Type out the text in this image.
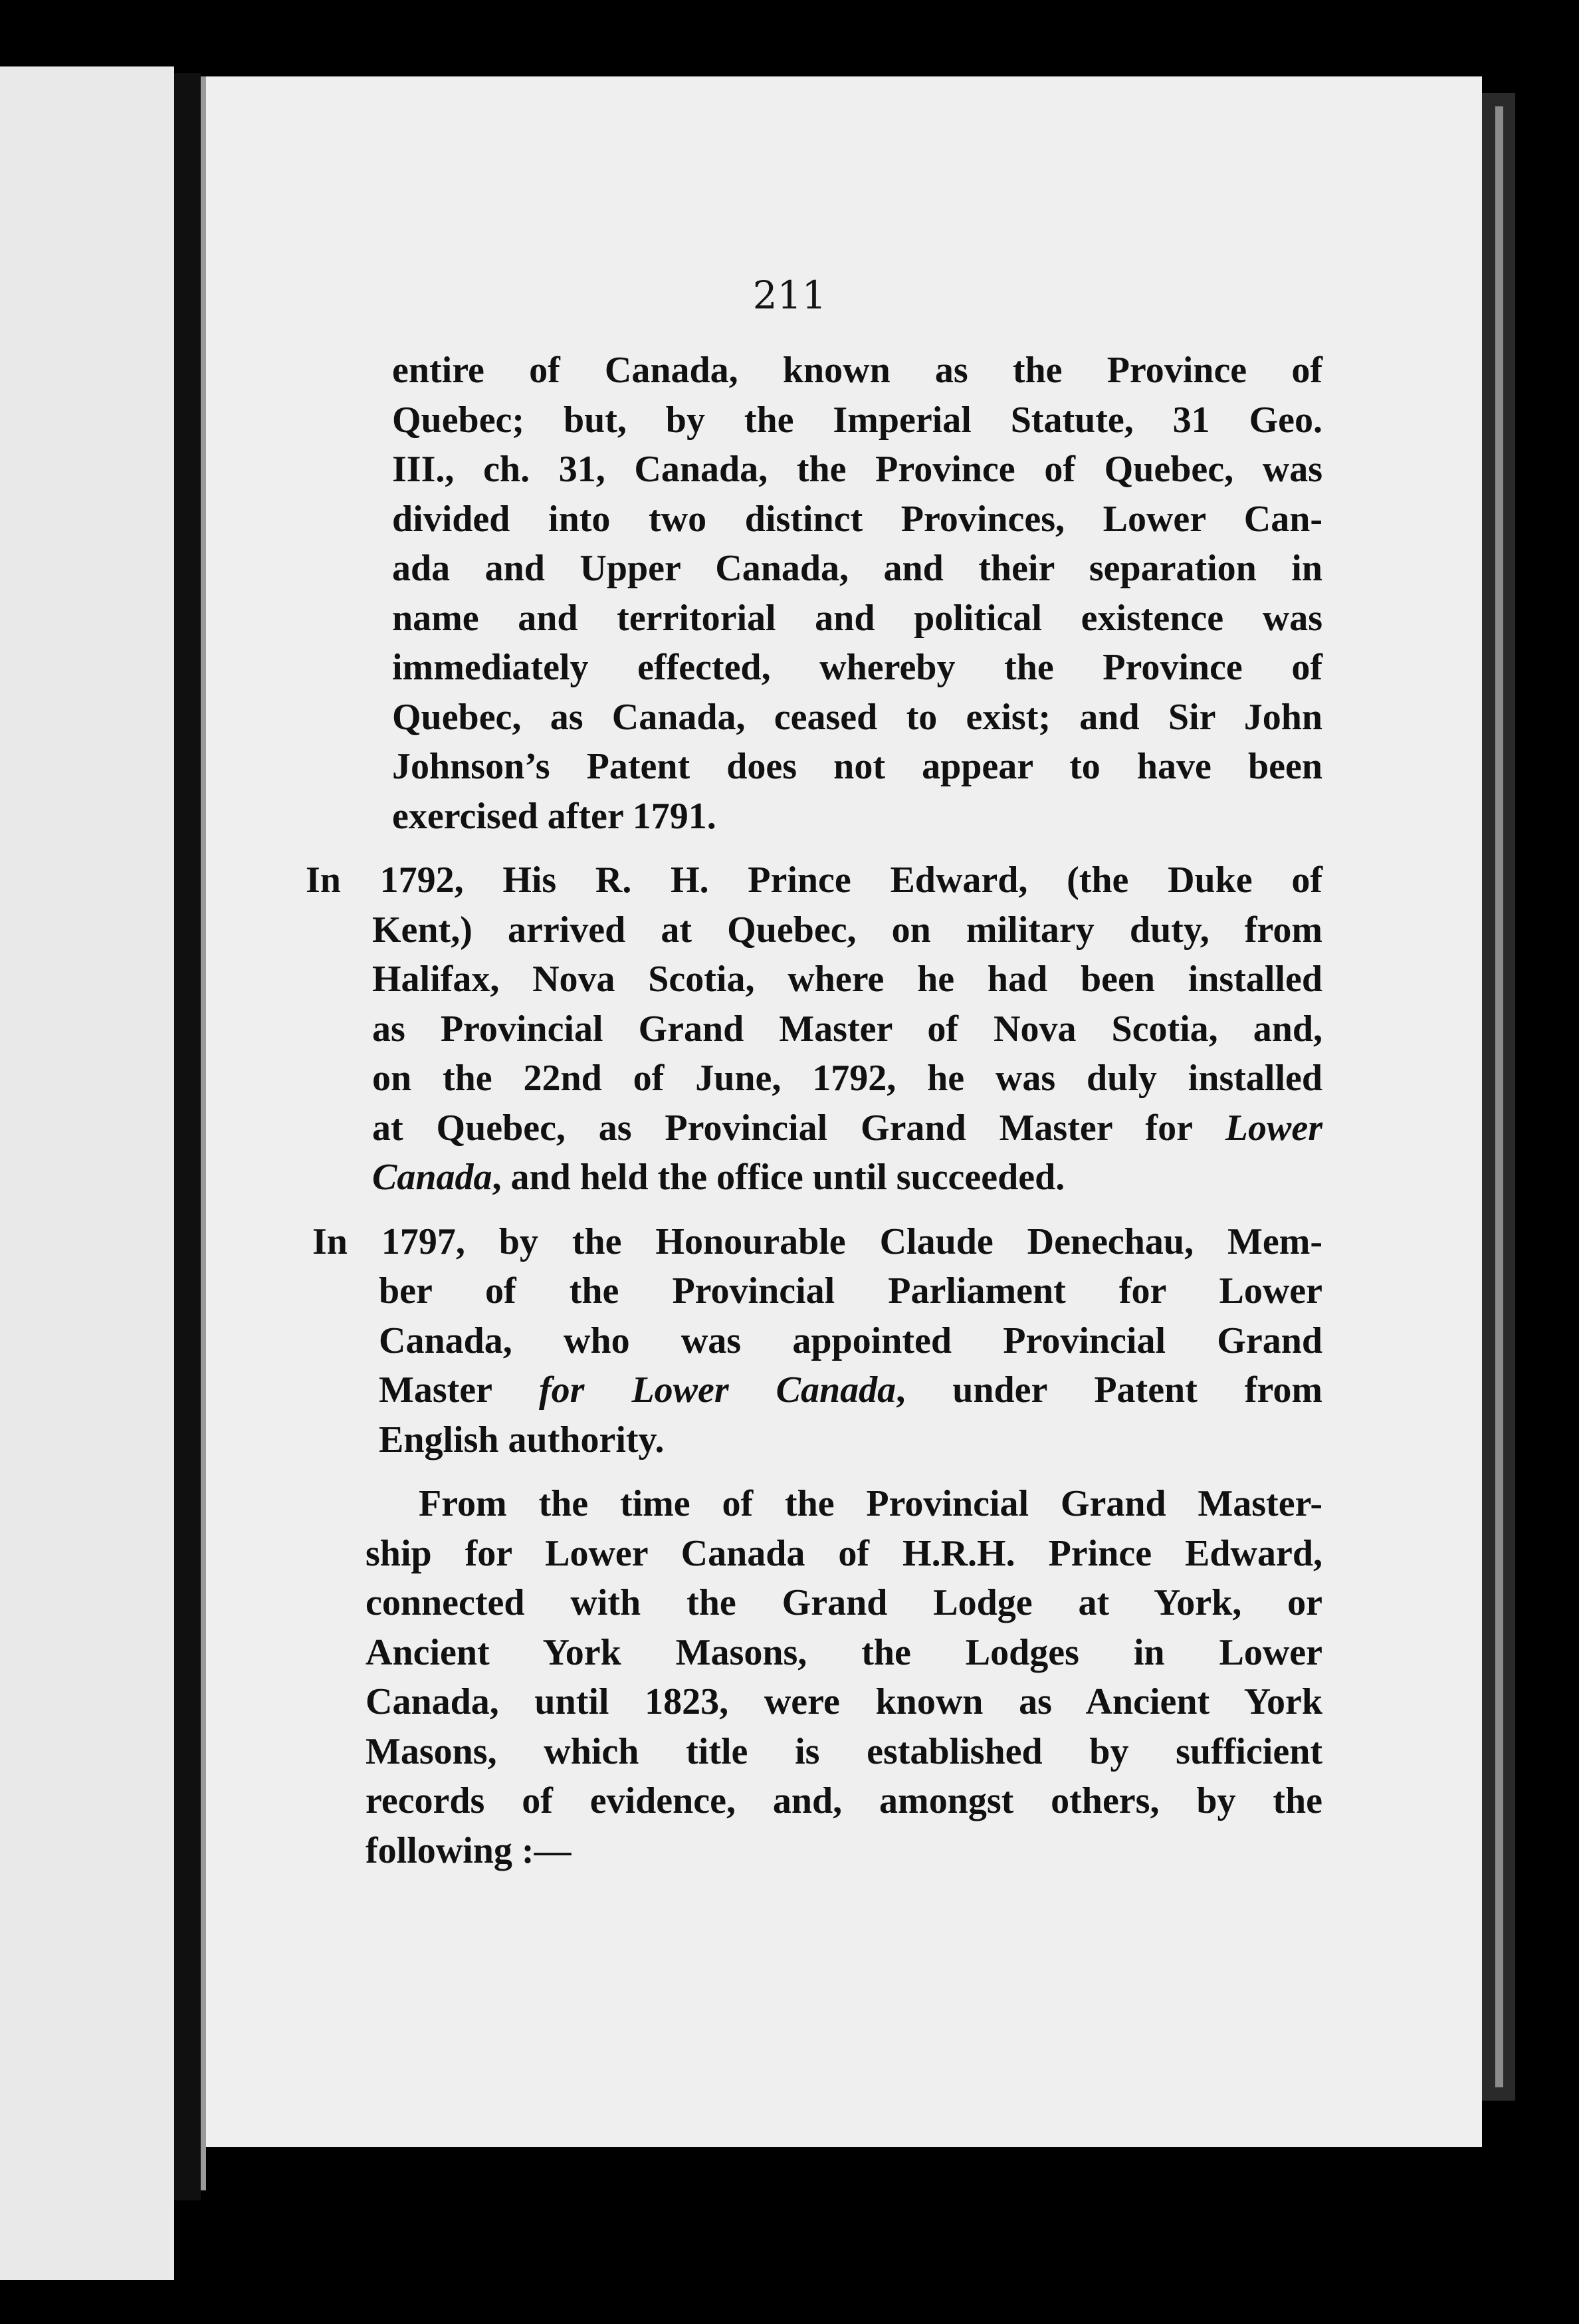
211
entire of Canada, known as the Province of
Quebec; but, by the Imperial Statute, 31 Geo.
III., ch. 31, Canada, the Province of Quebec, was
divided into two distinct Provinces, Lower Can-
ada and Upper Canada, and their separation in
name and territorial and political existence was
immediately effected, whereby the Province of
Quebec, as Canada, ceased to exist; and Sir John
Johnson’s Patent does not appear to have been
exercised after 1791.
In 1792, His R. H. Prince Edward, (the Duke of
Kent,) arrived at Quebec, on military duty, from
Halifax, Nova Scotia, where he had been installed
as Provincial Grand Master of Nova Scotia, and,
on the 22nd of June, 1792, he was duly installed
at Quebec, as Provincial Grand Master for Lower
Canada, and held the office until succeeded.
In 1797, by the Honourable Claude Denechau, Mem-
ber of the Provincial Parliament for Lower
Canada, who was appointed Provincial Grand
Master for Lower Canada, under Patent from
English authority.
From the time of the Provincial Grand Master-
ship for Lower Canada of H.R.H. Prince Edward,
connected with the Grand Lodge at York, or
Ancient York Masons, the Lodges in Lower
Canada, until 1823, were known as Ancient York
Masons, which title is established by sufficient
records of evidence, and, amongst others, by the
following :—
